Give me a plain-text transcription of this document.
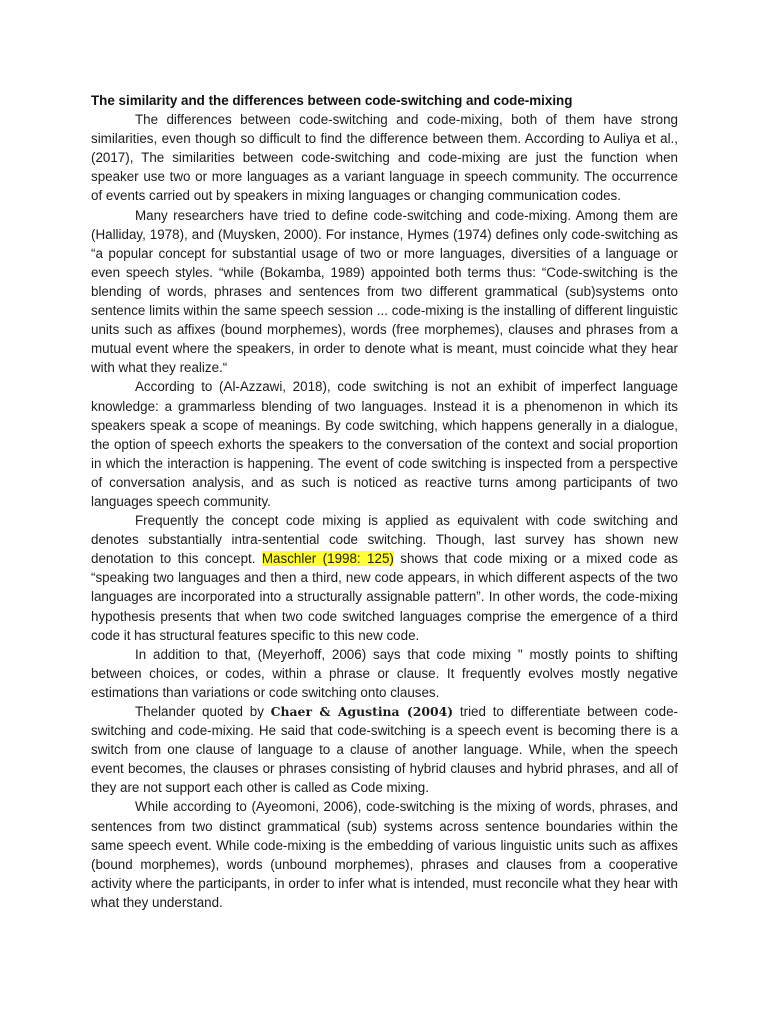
The similarity and the differences between code-switching and code-mixing

The differences between code-switching and code-mixing, both of them have strong similarities, even though so difficult to find the difference between them. According to Auliya et al., (2017), The similarities between code-switching and code-mixing are just the function when speaker use two or more languages as a variant language in speech community. The occurrence of events carried out by speakers in mixing languages or changing communication codes.

Many researchers have tried to define code-switching and code-mixing. Among them are (Halliday, 1978), and (Muysken, 2000). For instance, Hymes (1974) defines only code-switching as “a popular concept for substantial usage of two or more languages, diversities of a language or even speech styles. “while (Bokamba, 1989) appointed both terms thus: “Code-switching is the blending of words, phrases and sentences from two different grammatical (sub)systems onto sentence limits within the same speech session ... code-mixing is the installing of different linguistic units such as affixes (bound morphemes), words (free morphemes), clauses and phrases from a mutual event where the speakers, in order to denote what is meant, must coincide what they hear with what they realize.“

According to (Al-Azzawi, 2018), code switching is not an exhibit of imperfect language knowledge: a grammarless blending of two languages. Instead it is a phenomenon in which its speakers speak a scope of meanings. By code switching, which happens generally in a dialogue, the option of speech exhorts the speakers to the conversation of the context and social proportion in which the interaction is happening. The event of code switching is inspected from a perspective of conversation analysis, and as such is noticed as reactive turns among participants of two languages speech community.

Frequently the concept code mixing is applied as equivalent with code switching and denotes substantially intra-sentential code switching. Though, last survey has shown new denotation to this concept. Maschler (1998: 125) shows that code mixing or a mixed code as “speaking two languages and then a third, new code appears, in which different aspects of the two languages are incorporated into a structurally assignable pattern”. In other words, the code-mixing hypothesis presents that when two code switched languages comprise the emergence of a third code it has structural features specific to this new code.

In addition to that, (Meyerhoff, 2006) says that code mixing " mostly points to shifting between choices, or codes, within a phrase or clause. It frequently evolves mostly negative estimations than variations or code switching onto clauses.

Thelander quoted by Chaer & Agustina (2004) tried to differentiate between code-switching and code-mixing. He said that code-switching is a speech event is becoming there is a switch from one clause of language to a clause of another language. While, when the speech event becomes, the clauses or phrases consisting of hybrid clauses and hybrid phrases, and all of they are not support each other is called as Code mixing.

While according to (Ayeomoni, 2006), code-switching is the mixing of words, phrases, and sentences from two distinct grammatical (sub) systems across sentence boundaries within the same speech event. While code-mixing is the embedding of various linguistic units such as affixes (bound morphemes), words (unbound morphemes), phrases and clauses from a cooperative activity where the participants, in order to infer what is intended, must reconcile what they hear with what they understand.
